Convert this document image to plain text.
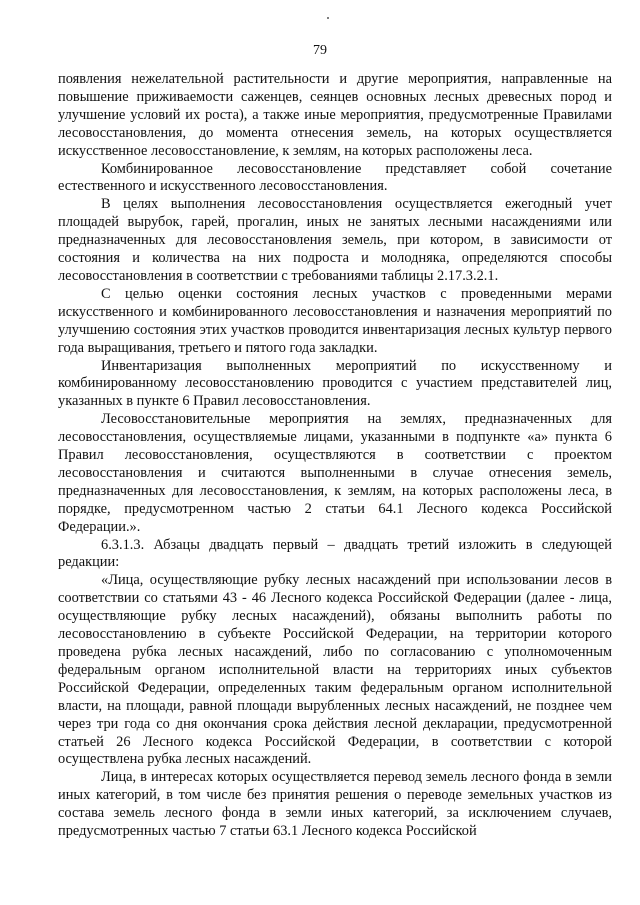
79

появления нежелательной растительности и другие мероприятия, направленные на повышение приживаемости саженцев, сеянцев основных лесных древесных пород и улучшение условий их роста), а также иные мероприятия, предусмотренные Правилами лесовосстановления, до момента отнесения земель, на которых осуществляется искусственное лесовосстановление, к землям, на которых расположены леса.

Комбинированное лесовосстановление представляет собой сочетание естественного и искусственного лесовосстановления.

В целях выполнения лесовосстановления осуществляется ежегодный учет площадей вырубок, гарей, прогалин, иных не занятых лесными насаждениями или предназначенных для лесовосстановления земель, при котором, в зависимости от состояния и количества на них подроста и молодняка, определяются способы лесовосстановления в соответствии с требованиями таблицы 2.17.3.2.1.

С целью оценки состояния лесных участков с проведенными мерами искусственного и комбинированного лесовосстановления и назначения мероприятий по улучшению состояния этих участков проводится инвентаризация лесных культур первого года выращивания, третьего и пятого года закладки.

Инвентаризация выполненных мероприятий по искусственному и комбинированному лесовосстановлению проводится с участием представителей лиц, указанных в пункте 6 Правил лесовосстановления.

Лесовосстановительные мероприятия на землях, предназначенных для лесовосстановления, осуществляемые лицами, указанными в подпункте «а» пункта 6 Правил лесовосстановления, осуществляются в соответствии с проектом лесовосстановления и считаются выполненными в случае отнесения земель, предназначенных для лесовосстановления, к землям, на которых расположены леса, в порядке, предусмотренном частью 2 статьи 64.1 Лесного кодекса Российской Федерации.».

6.3.1.3. Абзацы двадцать первый – двадцать третий изложить в следующей редакции:

«Лица, осуществляющие рубку лесных насаждений при использовании лесов в соответствии со статьями 43 - 46 Лесного кодекса Российской Федерации (далее - лица, осуществляющие рубку лесных насаждений), обязаны выполнить работы по лесовосстановлению в субъекте Российской Федерации, на территории которого проведена рубка лесных насаждений, либо по согласованию с уполномоченным федеральным органом исполнительной власти на территориях иных субъектов Российской Федерации, определенных таким федеральным органом исполнительной власти, на площади, равной площади вырубленных лесных насаждений, не позднее чем через три года со дня окончания срока действия лесной декларации, предусмотренной статьей 26 Лесного кодекса Российской Федерации, в соответствии с которой осуществлена рубка лесных насаждений.

Лица, в интересах которых осуществляется перевод земель лесного фонда в земли иных категорий, в том числе без принятия решения о переводе земельных участков из состава земель лесного фонда в земли иных категорий, за исключением случаев, предусмотренных частью 7 статьи 63.1 Лесного кодекса Российской
